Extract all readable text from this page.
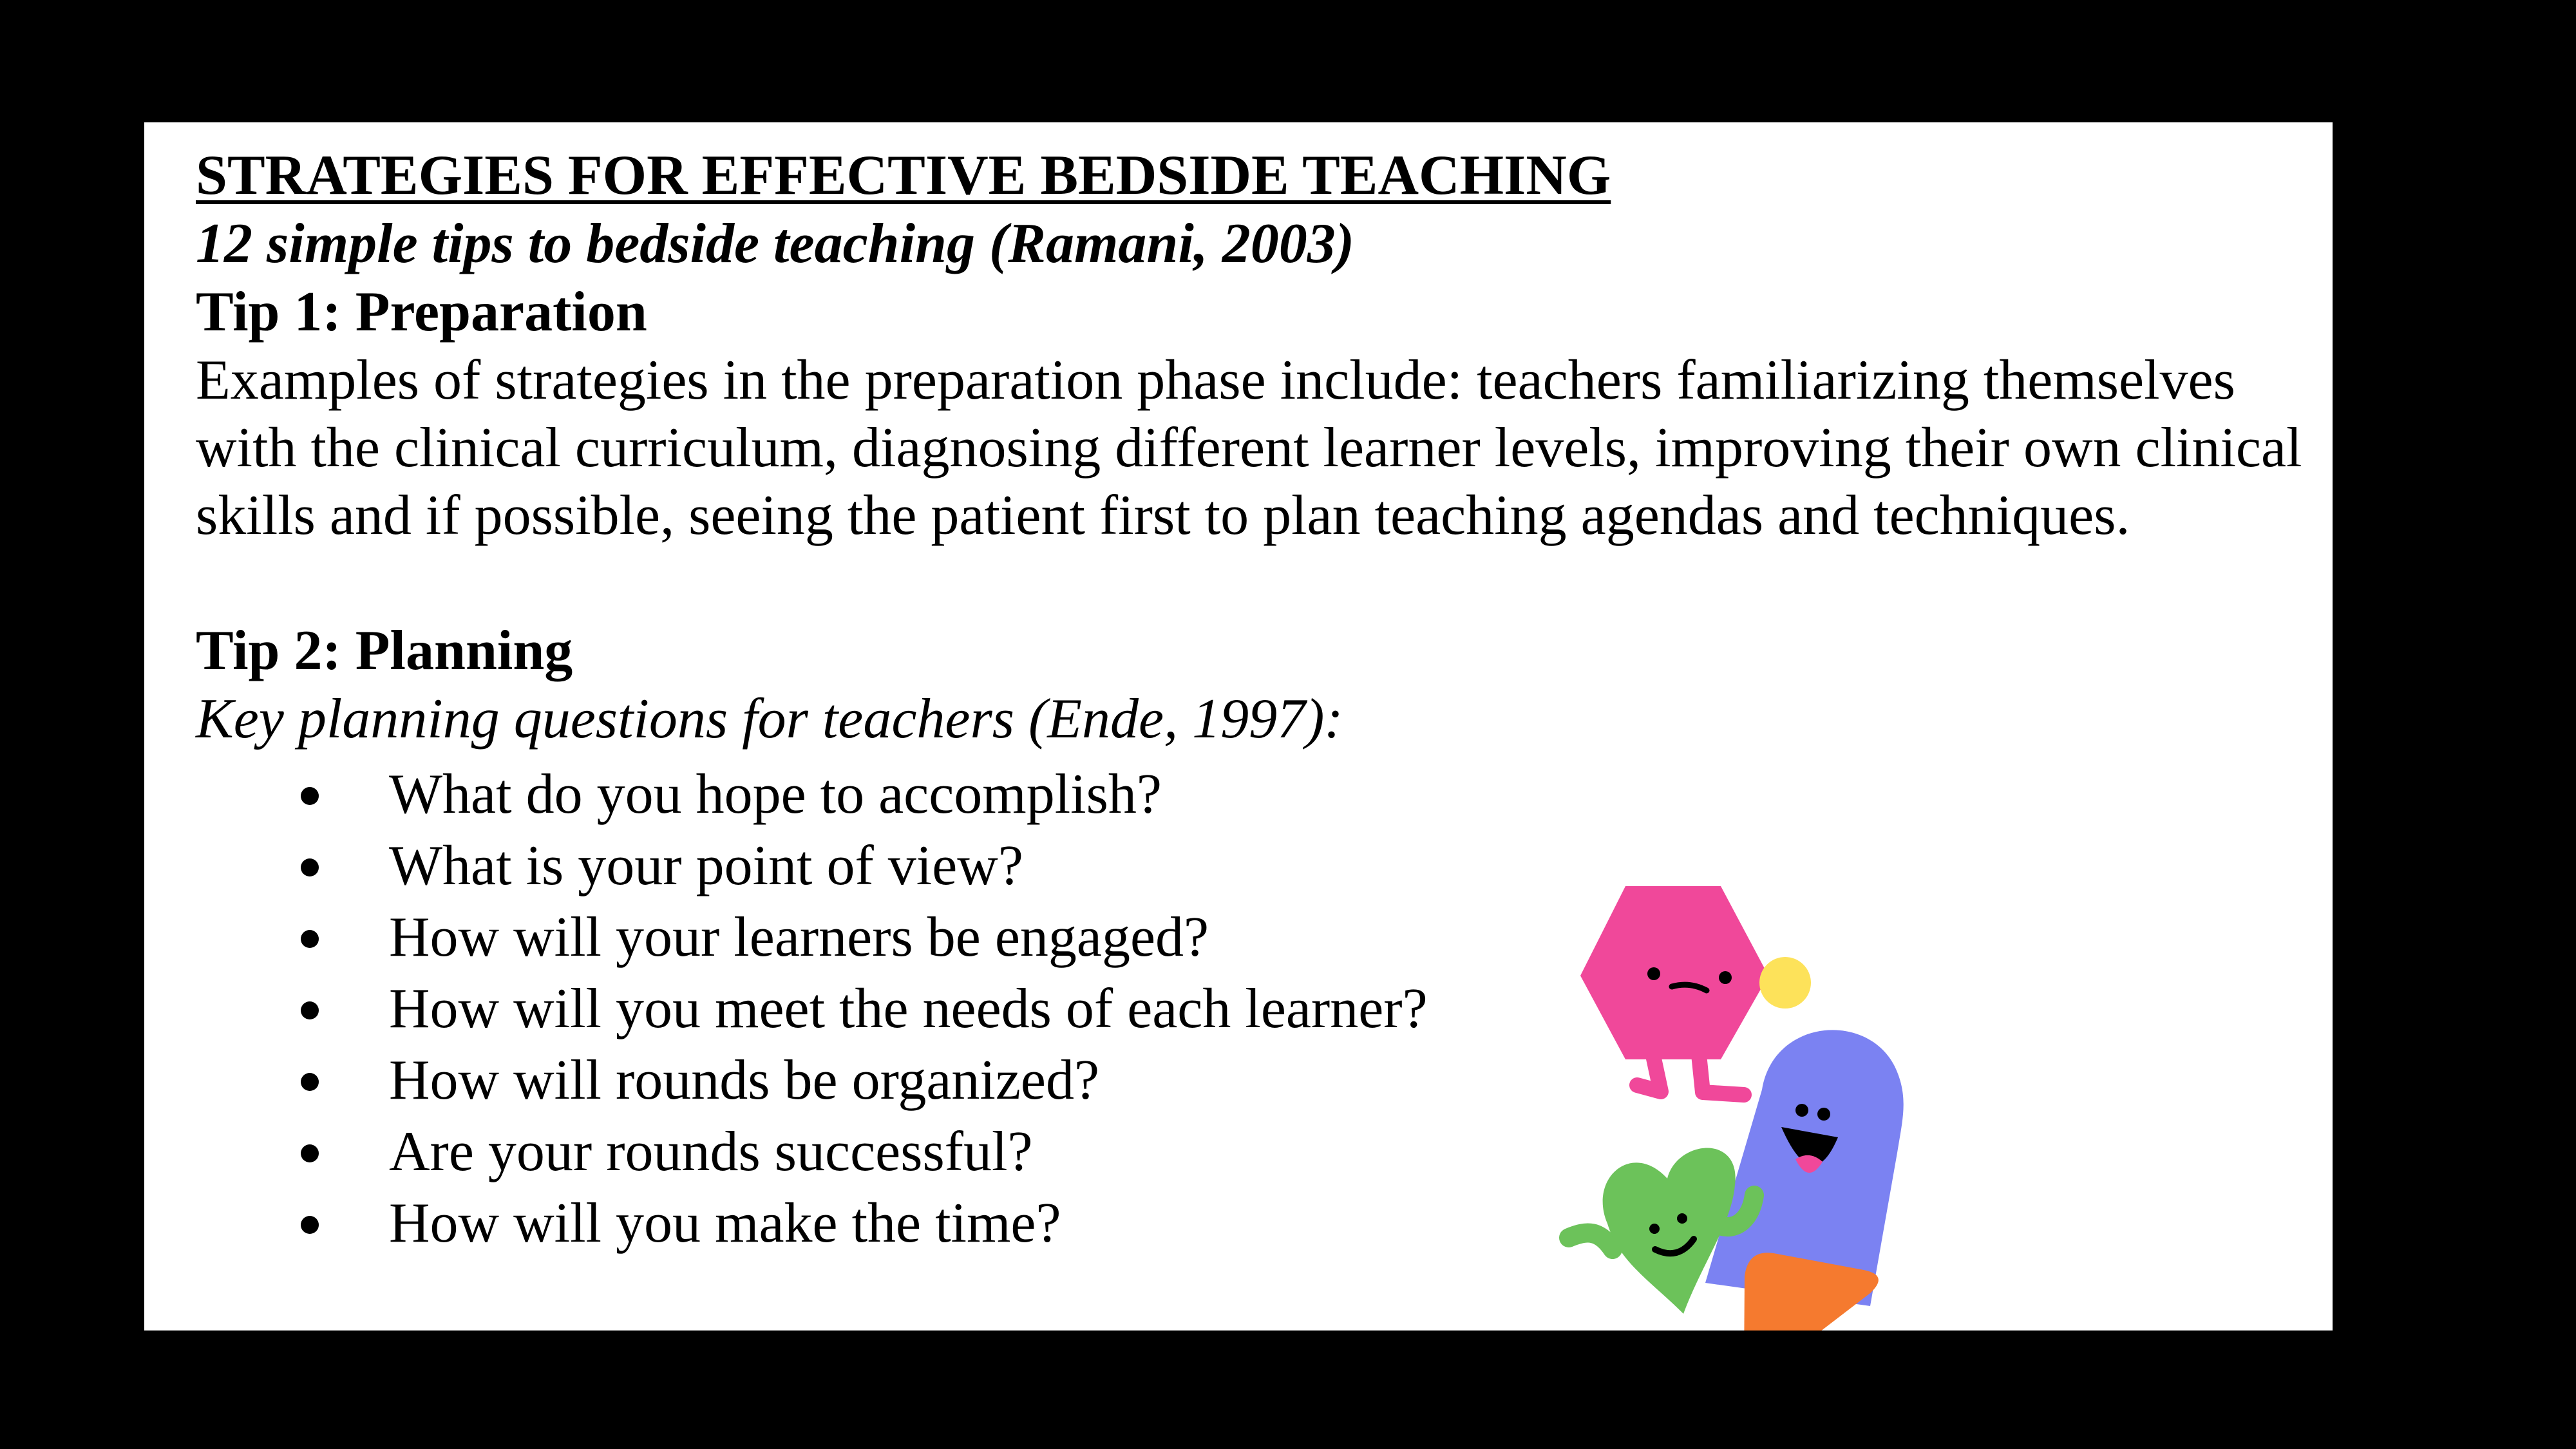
STRATEGIES FOR EFFECTIVE BEDSIDE TEACHING

12 simple tips to bedside teaching (Ramani, 2003)

Tip 1: Preparation

Examples of strategies in the preparation phase include: teachers familiarizing themselves with the clinical curriculum, diagnosing different learner levels, improving their own clinical skills and if possible, seeing the patient first to plan teaching agendas and techniques.

Tip 2: Planning

Key planning questions for teachers (Ende, 1997):

What do you hope to accomplish?
What is your point of view?
How will your learners be engaged?
How will you meet the needs of each learner?
How will rounds be organized?
Are your rounds successful?
How will you make the time?
